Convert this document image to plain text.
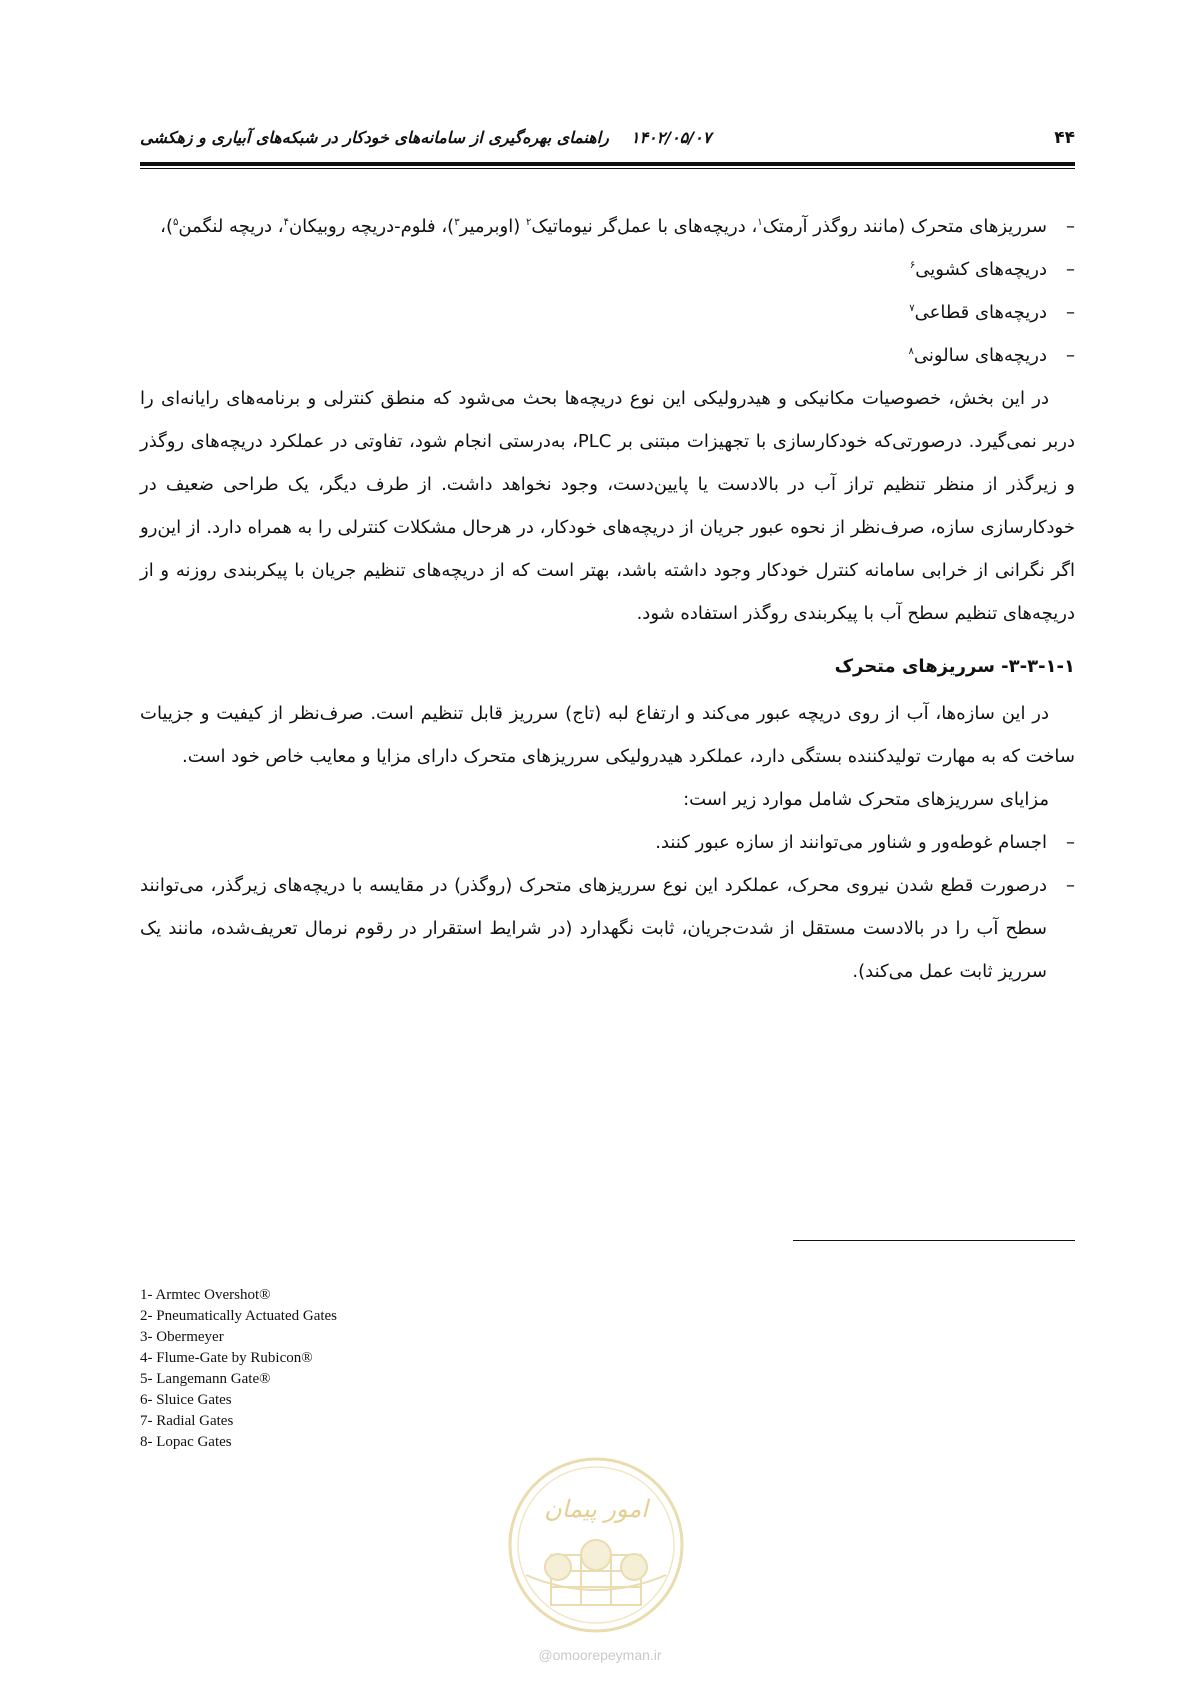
۴۴
۱۴۰۲/۰۵/۰۷راهنمای بهره‌گیری از سامانه‌های خودکار در شبکه‌های آبیاری و زهکشی
– سرریزهای متحرک (مانند روگذر آرمتک$^۱$، دریچه‌های با عمل‌گر نیوماتیک$^۲$ (اوبرمیر$^۳$)، فلوم-دریچه روبیکان$^۴$، دریچه لنگمن$^۵$)،
– دریچه‌های کشویی$^۶$
– دریچه‌های قطاعی$^۷$
– دریچه‌های سالونی$^۸$

در این بخش، خصوصیات مکانیکی و هیدرولیکی این نوع دریچه‌ها بحث می‌شود که منطق کنترلی و برنامه‌های رایانه‌ای را دربر نمی‌گیرد. درصورتی‌که خودکارسازی با تجهیزات مبتنی بر PLC، به‌درستی انجام شود، تفاوتی در عملکرد دریچه‌های روگذر و زیرگذر از منظر تنظیم تراز آب در بالادست یا پایین‌دست، وجود نخواهد داشت. از طرف دیگر، یک طراحی ضعیف در خودکارسازی سازه، صرف‌نظر از نحوه عبور جریان از دریچه‌های خودکار، در هرحال مشکلات کنترلی را به همراه دارد. از این‌رو اگر نگرانی از خرابی سامانه کنترل خودکار وجود داشته باشد، بهتر است که از دریچه‌های تنظیم جریان با پیکربندی روزنه و از دریچه‌های تنظیم سطح آب با پیکربندی روگذر استفاده شود.

۳-۳-۱-۱- سرریزهای متحرک

در این سازه‌ها، آب از روی دریچه عبور می‌کند و ارتفاع لبه (تاج) سرریز قابل تنظیم است. صرف‌نظر از کیفیت و جزییات ساخت که به مهارت تولیدکننده بستگی دارد، عملکرد هیدرولیکی سرریزهای متحرک دارای مزایا و معایب خاص خود است.

مزایای سرریزهای متحرک شامل موارد زیر است:

– اجسام غوطه‌ور و شناور می‌توانند از سازه عبور کنند.
– درصورت قطع شدن نیروی محرک، عملکرد این نوع سرریزهای متحرک (روگذر) در مقایسه با دریچه‌های زیرگذر، می‌توانند سطح آب را در بالادست مستقل از شدت‌جریان، ثابت نگهدارد (در شرایط استقرار در رقوم نرمال تعریف‌شده، مانند یک سرریز ثابت عمل می‌کند).
1- Armtec Overshot®
2- Pneumatically Actuated Gates
3- Obermeyer
4- Flume-Gate by Rubicon®
5- Langemann Gate®
6- Sluice Gates
7- Radial Gates
8- Lopac Gates
امور پیمان
@omoorepeyman.ir
